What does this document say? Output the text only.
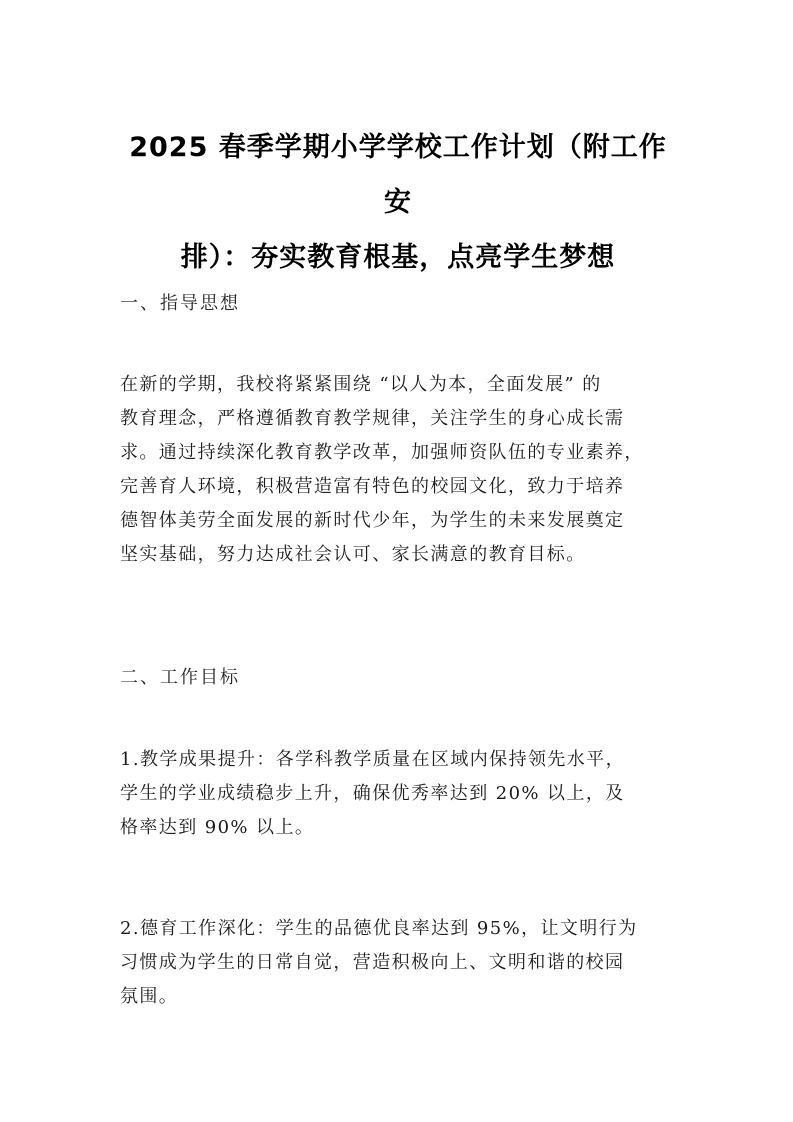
2025 春季学期小学学校工作计划（附工作安
排）：夯实教育根基，点亮学生梦想
一、指导思想
在新的学期，我校将紧紧围绕 “以人为本，全面发展” 的
教育理念，严格遵循教育教学规律，关注学生的身心成长需
求。通过持续深化教育教学改革，加强师资队伍的专业素养，
完善育人环境，积极营造富有特色的校园文化，致力于培养
德智体美劳全面发展的新时代少年，为学生的未来发展奠定
坚实基础，努力达成社会认可、家长满意的教育目标。
二、工作目标
1.教学成果提升：各学科教学质量在区域内保持领先水平，
学生的学业成绩稳步上升，确保优秀率达到 20% 以上，及
格率达到 90% 以上。
2.德育工作深化：学生的品德优良率达到 95%，让文明行为
习惯成为学生的日常自觉，营造积极向上、文明和谐的校园
氛围。
